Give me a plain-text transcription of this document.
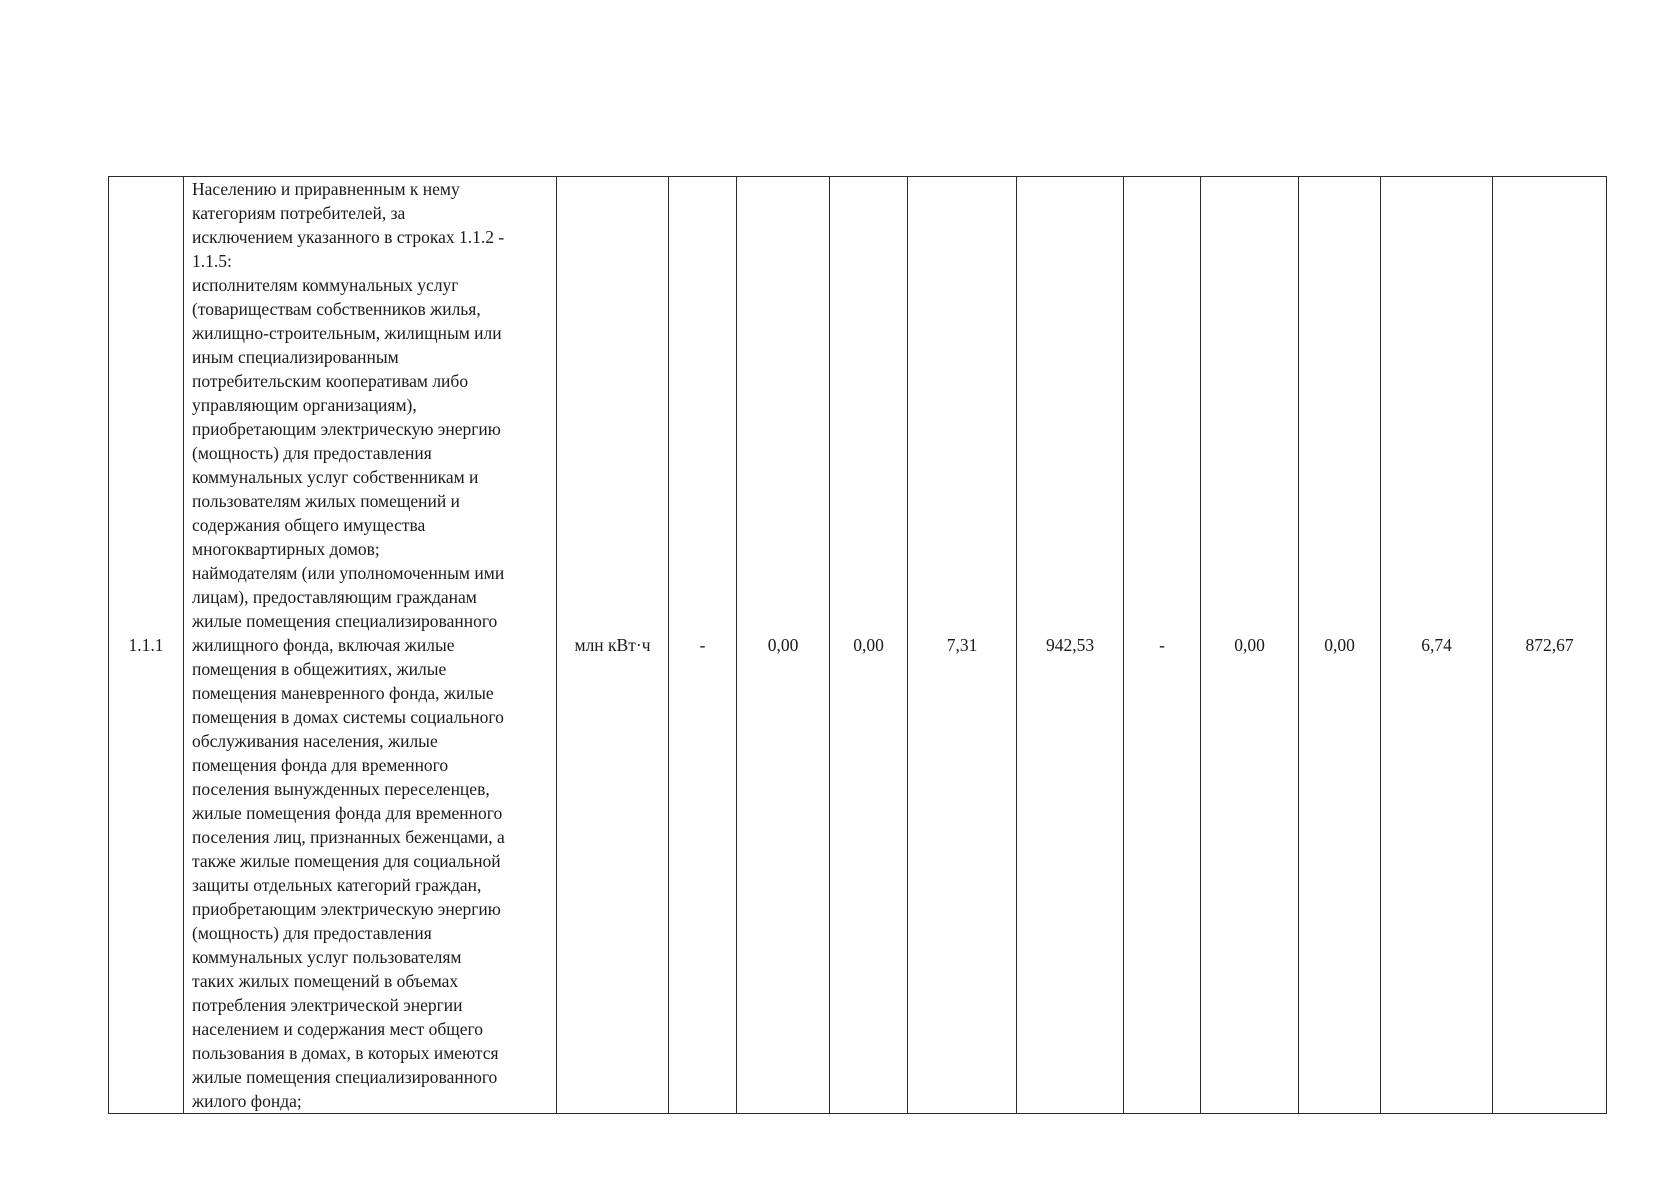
1.1.1	
Населению и приравненным к нему
категориям потребителей, за
исключением указанного в строках 1.1.2 -
1.1.5:
исполнителям коммунальных услуг
(товариществам собственников жилья,
жилищно-строительным, жилищным или
иным специализированным
потребительским кооперативам либо
управляющим организациям),
приобретающим электрическую энергию
(мощность) для предоставления
коммунальных услуг собственникам и
пользователям жилых помещений и
содержания общего имущества
многоквартирных домов;
наймодателям (или уполномоченным ими
лицам), предоставляющим гражданам
жилые помещения специализированного
жилищного фонда, включая жилые
помещения в общежитиях, жилые
помещения маневренного фонда, жилые
помещения в домах системы социального
обслуживания населения, жилые
помещения фонда для временного
поселения вынужденных переселенцев,
жилые помещения фонда для временного
поселения лиц, признанных беженцами, а
также жилые помещения для социальной
защиты отдельных категорий граждан,
приобретающим электрическую энергию
(мощность) для предоставления
коммунальных услуг пользователям
таких жилых помещений в объемах
потребления электрической энергии
населением и содержания мест общего
пользования в домах, в которых имеются
жилые помещения специализированного
жилого фонда;
	млн кВт·ч	-	0,00	0,00	7,31	942,53	-	0,00	0,00	6,74	872,67
